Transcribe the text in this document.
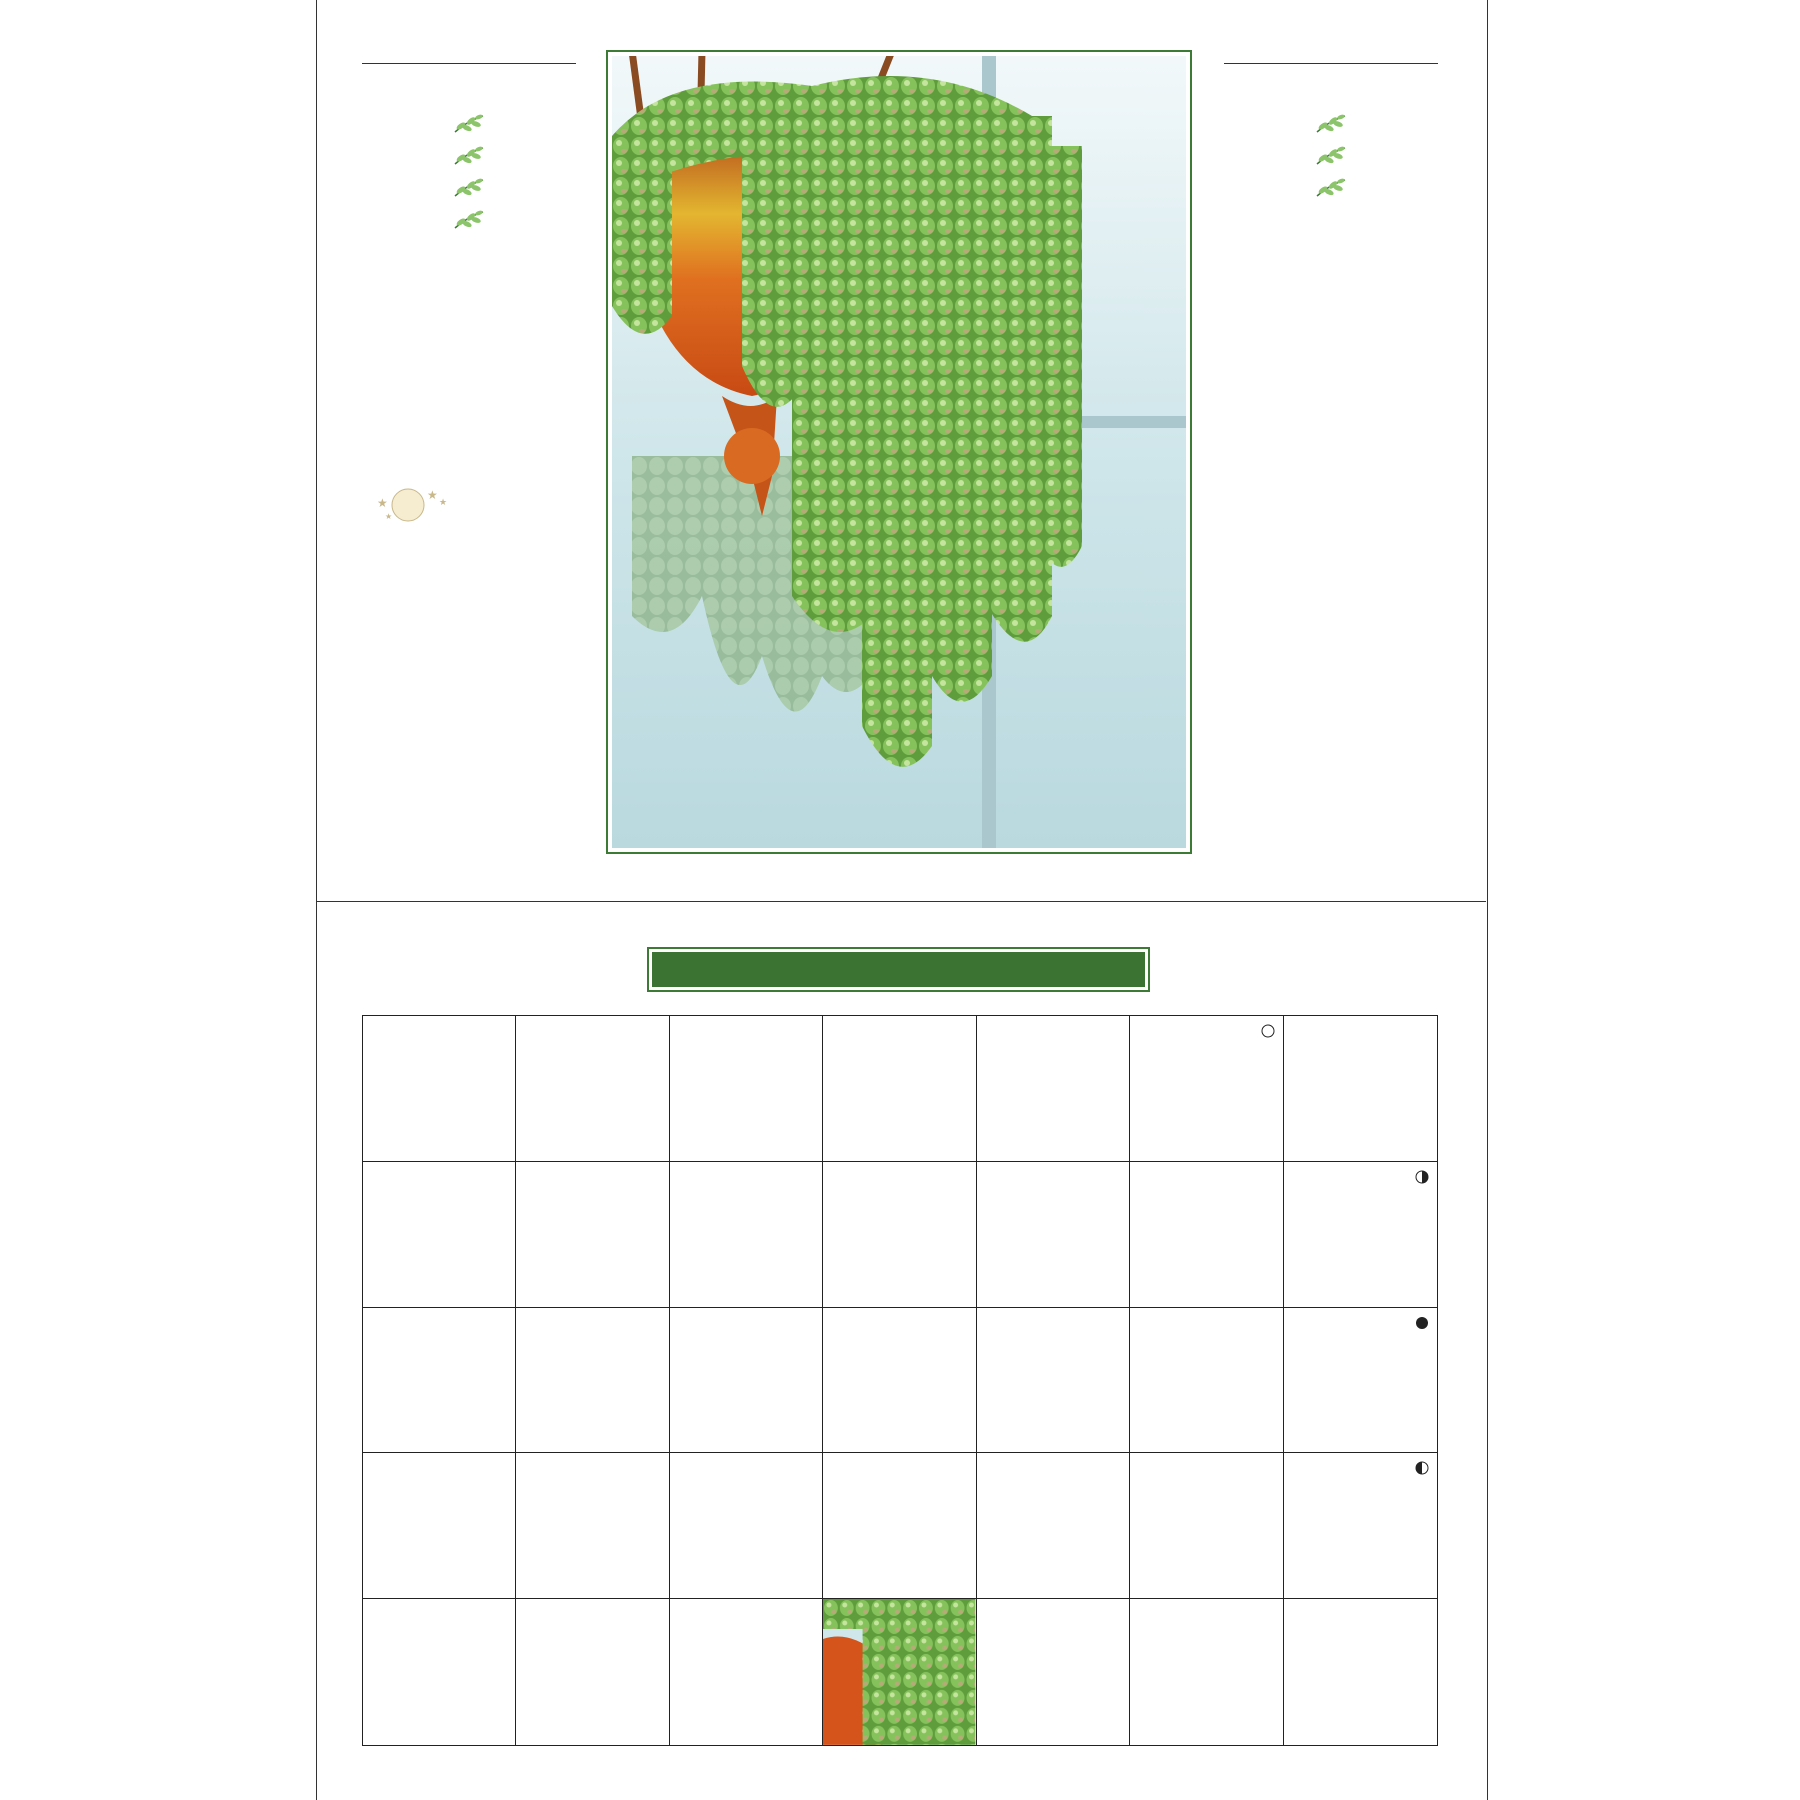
★
★
★
★
